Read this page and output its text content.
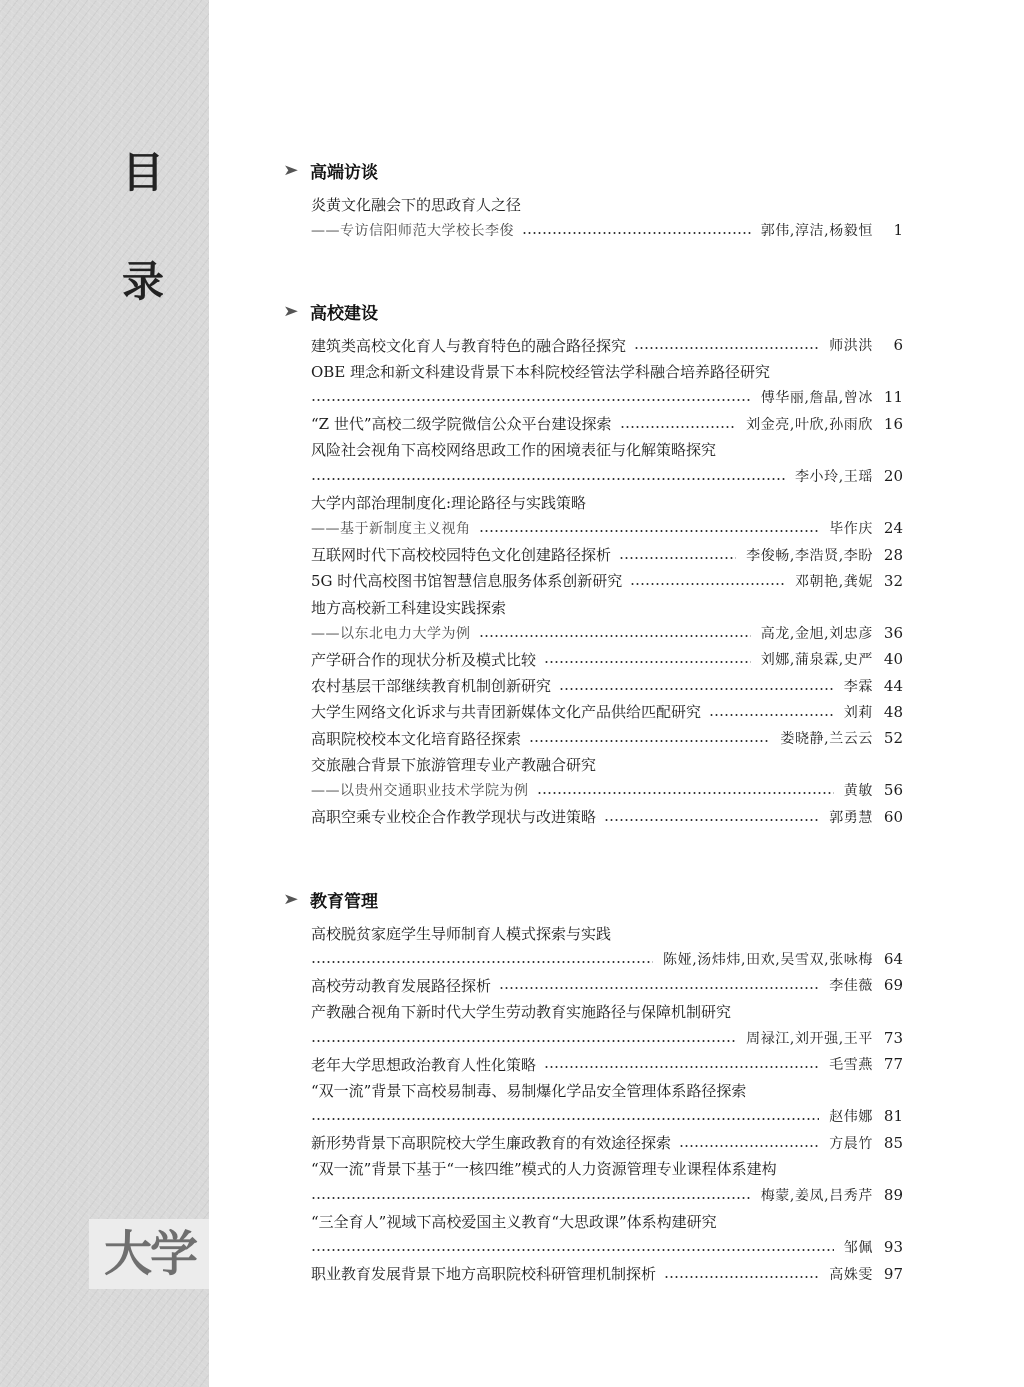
目
录
大学
➤ 高端访谈
炎黄文化融会下的思政育人之径
——专访信阳师范大学校长李俊	郭伟,淳洁,杨毅恒	1
➤ 高校建设
建筑类高校文化育人与教育特色的融合路径探究	师洪洪	6
OBE 理念和新文科建设背景下本科院校经管法学科融合培养路径研究
傅华丽,詹晶,曾冰 11
“Z 世代”高校二级学院微信公众平台建设探索	刘金亮,叶欣,孙雨欣 16
风险社会视角下高校网络思政工作的困境表征与化解策略探究
李小玲,王瑶 20
大学内部治理制度化:理论路径与实践策略
——基于新制度主义视角	毕作庆 24
互联网时代下高校校园特色文化创建路径探析	李俊畅,李浩贤,李盼 28
5G 时代高校图书馆智慧信息服务体系创新研究	邓朝艳,龚妮 32
地方高校新工科建设实践探索
——以东北电力大学为例	高龙,金旭,刘忠彦 36
产学研合作的现状分析及模式比较	刘娜,蒲泉霖,史严 40
农村基层干部继续教育机制创新研究	李霖 44
大学生网络文化诉求与共青团新媒体文化产品供给匹配研究	刘莉 48
高职院校校本文化培育路径探索	娄晓静,兰云云 52
交旅融合背景下旅游管理专业产教融合研究
——以贵州交通职业技术学院为例	黄敏 56
高职空乘专业校企合作教学现状与改进策略	郭勇慧 60
➤ 教育管理
高校脱贫家庭学生导师制育人模式探索与实践
陈娅,汤炜炜,田欢,吴雪双,张咏梅 64
高校劳动教育发展路径探析	李佳薇 69
产教融合视角下新时代大学生劳动教育实施路径与保障机制研究
周禄江,刘开强,王平 73
老年大学思想政治教育人性化策略	毛雪燕 77
“双一流”背景下高校易制毒、易制爆化学品安全管理体系路径探索
赵伟娜 81
新形势背景下高职院校大学生廉政教育的有效途径探索	方晨竹 85
“双一流”背景下基于“一核四维”模式的人力资源管理专业课程体系建构
梅蒙,姜凤,吕秀芹 89
“三全育人”视域下高校爱国主义教育“大思政课”体系构建研究
邹佩 93
职业教育发展背景下地方高职院校科研管理机制探析	高姝雯 97
